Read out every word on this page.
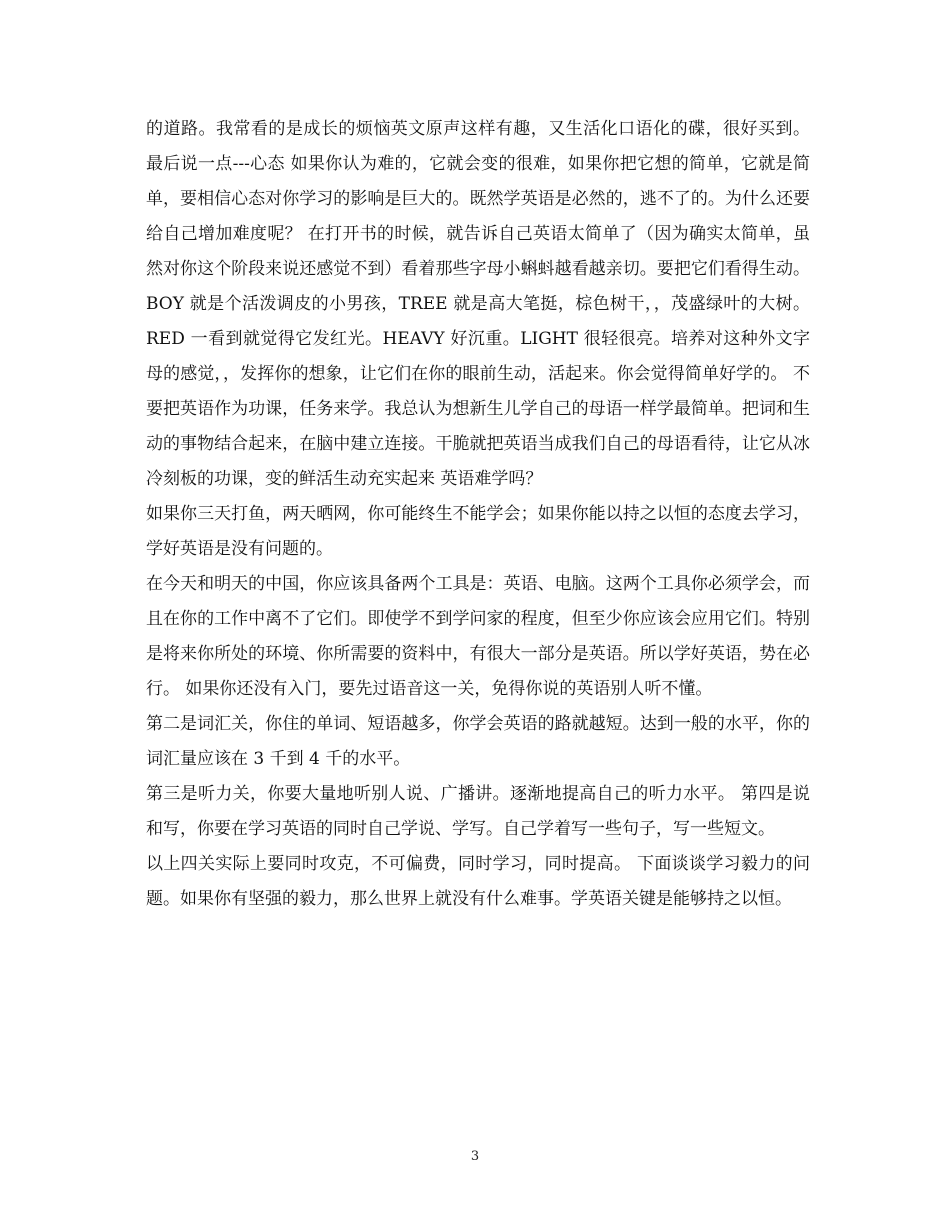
的道路。我常看的是成长的烦恼英文原声这样有趣，又生活化口语化的碟，很好买到。 最后说一点---心态 如果你认为难的，它就会变的很难，如果你把它想的简单，它就是简单，要相信心态对你学习的影响是巨大的。既然学英语是必然的，逃不了的。为什么还要给自己增加难度呢？ 在打开书的时候，就告诉自己英语太简单了（因为确实太简单，虽然对你这个阶段来说还感觉不到）看着那些字母小蝌蚪越看越亲切。要把它们看得生动。BOY 就是个活泼调皮的小男孩，TREE 就是高大笔挺，棕色树干，，茂盛绿叶的大树。RED 一看到就觉得它发红光。HEAVY 好沉重。LIGHT 很轻很亮。培养对这种外文字母的感觉，，发挥你的想象，让它们在你的眼前生动，活起来。你会觉得简单好学的。 不要把英语作为功课，任务来学。我总认为想新生儿学自己的母语一样学最简单。把词和生动的事物结合起来，在脑中建立连接。干脆就把英语当成我们自己的母语看待，让它从冰冷刻板的功课，变的鲜活生动充实起来 英语难学吗？

如果你三天打鱼，两天晒网，你可能终生不能学会；如果你能以持之以恒的态度去学习，学好英语是没有问题的。

在今天和明天的中国，你应该具备两个工具是：英语、电脑。这两个工具你必须学会，而且在你的工作中离不了它们。即使学不到学问家的程度，但至少你应该会应用它们。特别是将来你所处的环境、你所需要的资料中，有很大一部分是英语。所以学好英语，势在必行。 如果你还没有入门，要先过语音这一关，免得你说的英语别人听不懂。

第二是词汇关，你住的单词、短语越多，你学会英语的路就越短。达到一般的水平，你的词汇量应该在 3 千到 4 千的水平。

第三是听力关，你要大量地听别人说、广播讲。逐渐地提高自己的听力水平。 第四是说和写，你要在学习英语的同时自己学说、学写。自己学着写一些句子，写一些短文。

以上四关实际上要同时攻克，不可偏费，同时学习，同时提高。 下面谈谈学习毅力的问题。如果你有坚强的毅力，那么世界上就没有什么难事。学英语关键是能够持之以恒。

3
